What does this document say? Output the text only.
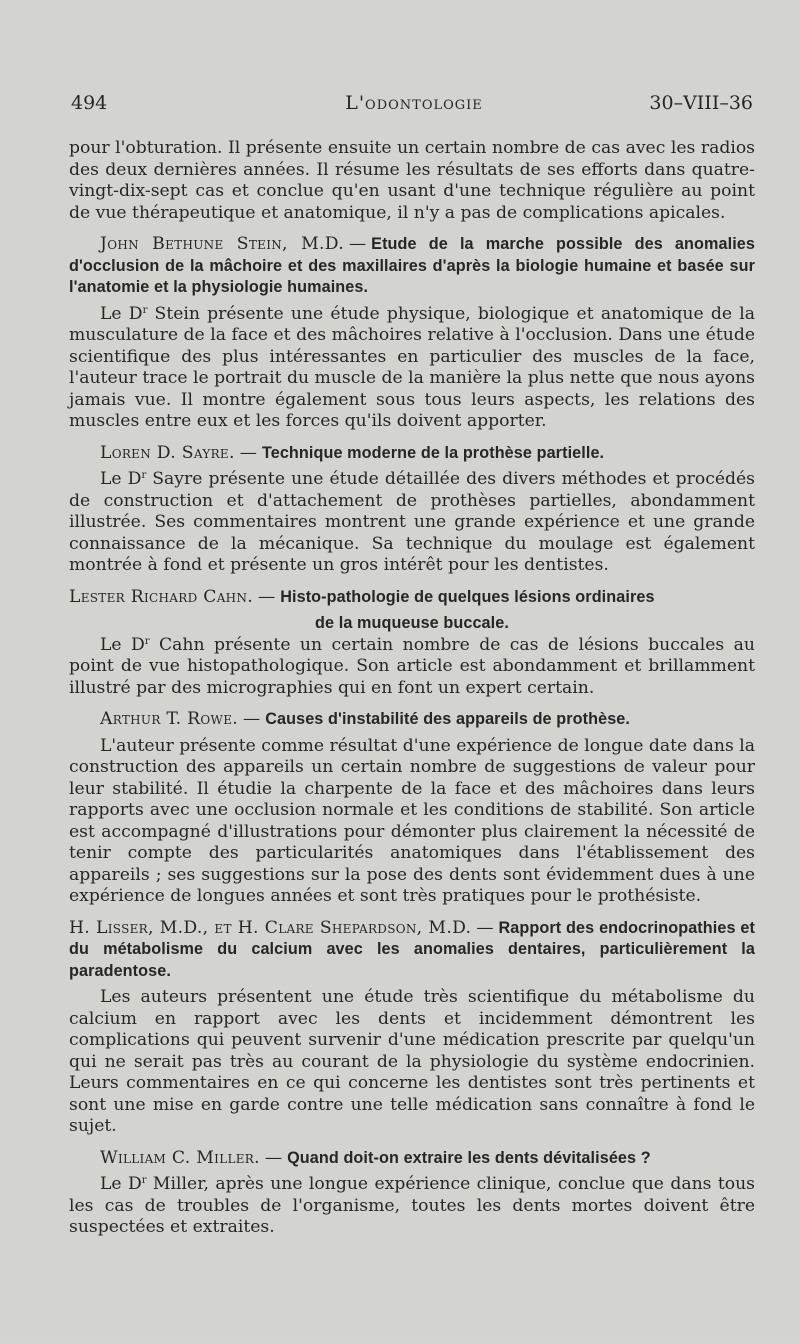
494	L'odontologie	30–VIII–36

pour l'obturation. Il présente ensuite un certain nombre de cas avec les radios des deux dernières années. Il résume les résultats de ses efforts dans quatre-vingt-dix-sept cas et conclue qu'en usant d'une technique régulière au point de vue thérapeutique et anatomique, il n'y a pas de complications apicales.

John Bethune Stein, M.D. — Etude de la marche possible des anomalies d'occlusion de la mâchoire et des maxillaires d'après la biologie humaine et basée sur l'anatomie et la physiologie humaines.

Le $D^r$ Stein présente une étude physique, biologique et anatomique de la musculature de la face et des mâchoires relative à l'occlusion. Dans une étude scientifique des plus intéressantes en particulier des muscles de la face, l'auteur trace le portrait du muscle de la manière la plus nette que nous ayons jamais vue. Il montre également sous tous leurs aspects, les relations des muscles entre eux et les forces qu'ils doivent apporter.

Loren D. Sayre. — Technique moderne de la prothèse partielle.

Le $D^r$ Sayre présente une étude détaillée des divers méthodes et procédés de construction et d'attachement de prothèses partielles, abondamment illustrée. Ses commentaires montrent une grande expérience et une grande connaissance de la mécanique. Sa technique du moulage est également montrée à fond et présente un gros intérêt pour les dentistes.

Lester Richard Cahn. — Histo-pathologie de quelques lésions ordinaires

de la muqueuse buccale.

Le $D^r$ Cahn présente un certain nombre de cas de lésions buccales au point de vue histopathologique. Son article est abondamment et brillamment illustré par des micrographies qui en font un expert certain.

Arthur T. Rowe. — Causes d'instabilité des appareils de prothèse.

L'auteur présente comme résultat d'une expérience de longue date dans la construction des appareils un certain nombre de suggestions de valeur pour leur stabilité. Il étudie la charpente de la face et des mâchoires dans leurs rapports avec une occlusion normale et les conditions de stabilité. Son article est accompagné d'illustrations pour démonter plus clairement la nécessité de tenir compte des particularités anatomiques dans l'établissement des appareils ; ses suggestions sur la pose des dents sont évidemment dues à une expérience de longues années et sont très pratiques pour le prothésiste.

H. Lisser, M.D., et H. Clare Shepardson, M.D. — Rapport des endocrinopathies et du métabolisme du calcium avec les anomalies dentaires, particulièrement la paradentose.

Les auteurs présentent une étude très scientifique du métabolisme du calcium en rapport avec les dents et incidemment démontrent les complications qui peuvent survenir d'une médication prescrite par quelqu'un qui ne serait pas très au courant de la physiologie du système endocrinien. Leurs commentaires en ce qui concerne les dentistes sont très pertinents et sont une mise en garde contre une telle médication sans connaître à fond le sujet.

William C. Miller. — Quand doit-on extraire les dents dévitalisées ?

Le $D^r$ Miller, après une longue expérience clinique, conclue que dans tous les cas de troubles de l'organisme, toutes les dents mortes doivent être suspectées et extraites.
